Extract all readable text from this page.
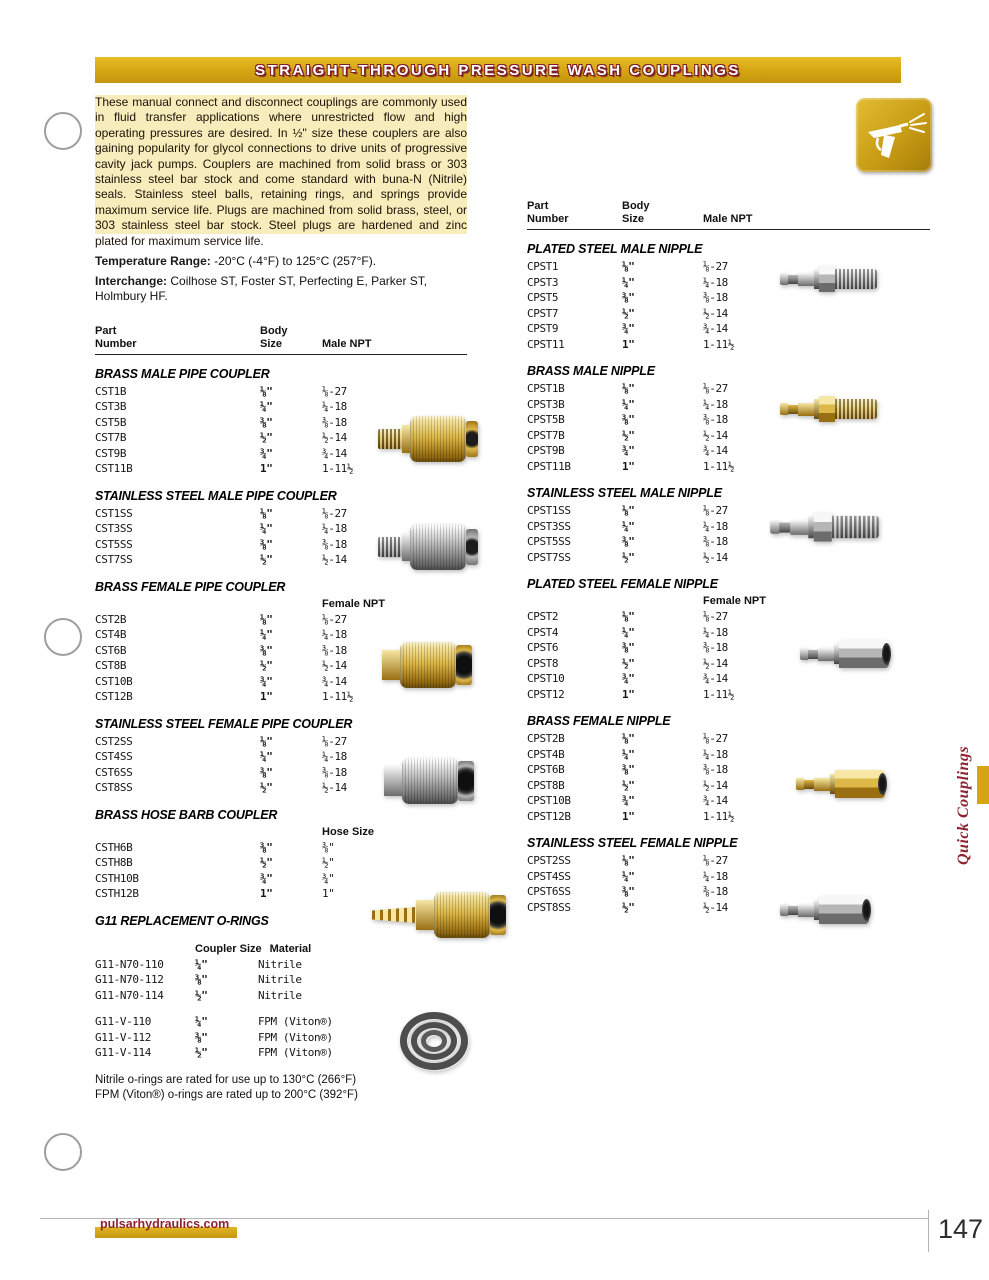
STRAIGHT-THROUGH PRESSURE WASH COUPLINGS

These manual connect and disconnect couplings are commonly used in fluid transfer applications where unrestricted flow and high operating pressures are desired. In ½" size these couplers are also gaining popularity for glycol connections to drive units of progressive cavity jack pumps. Couplers are machined from solid brass or 303 stainless steel bar stock and come standard with buna-N (Nitrile) seals. Stainless steel balls, retaining rings, and springs provide maximum service life. Plugs are machined from solid brass, steel, or 303 stainless steel bar stock. Steel plugs are hardened and zinc plated for maximum service life.

Temperature Range: -20°C (-4°F) to 125°C (257°F).

Interchange: Coilhose ST, Foster ST, Perfecting E, Parker ST, Holmbury HF.

Part
Number
Body
Size	Male NPT
BRASS MALE PIPE COUPLER
CST1B	⅛"	⅛-27
CST3B	¼"	¼-18
CST5B	⅜"	⅜-18
CST7B	½"	½-14
CST9B	¾"	¾-14
CST11B	1"	1-11½
STAINLESS STEEL MALE PIPE COUPLER
CST1SS	⅛"	⅛-27
CST3SS	¼"	¼-18
CST5SS	⅜"	⅜-18
CST7SS	½"	½-14
BRASS FEMALE PIPE COUPLER
Female NPT
CST2B	⅛"	⅛-27
CST4B	¼"	¼-18
CST6B	⅜"	⅜-18
CST8B	½"	½-14
CST10B	¾"	¾-14
CST12B	1"	1-11½
STAINLESS STEEL FEMALE PIPE COUPLER
CST2SS	⅛"	⅛-27
CST4SS	¼"	¼-18
CST6SS	⅜"	⅜-18
CST8SS	½"	½-14
BRASS HOSE BARB COUPLER
Hose Size
CSTH6B	⅜"	⅜"
CSTH8B	½"	½"
CSTH10B	¾"	¾"
CSTH12B	1"	1"
G11 REPLACEMENT O-RINGS
Coupler Size Material
G11-N70-110	¼"	Nitrile
G11-N70-112	⅜"	Nitrile
G11-N70-114	½"	Nitrile
G11-V-110	¼"	FPM (Viton®)
G11-V-112	⅜"	FPM (Viton®)
G11-V-114	½"	FPM (Viton®)
Nitrile o-rings are rated for use up to 130°C (266°F)
FPM (Viton®) o-rings are rated up to 200°C (392°F)
Part
Number
Body
Size	Male NPT
PLATED STEEL MALE NIPPLE
CPST1	⅛"	⅛-27
CPST3	¼"	¼-18
CPST5	⅜"	⅜-18
CPST7	½"	½-14
CPST9	¾"	¾-14
CPST11	1"	1-11½
BRASS MALE NIPPLE
CPST1B	⅛"	⅛-27
CPST3B	¼"	¼-18
CPST5B	⅜"	⅜-18
CPST7B	½"	½-14
CPST9B	¾"	¾-14
CPST11B	1"	1-11½
STAINLESS STEEL MALE NIPPLE
CPST1SS	⅛"	⅛-27
CPST3SS	¼"	¼-18
CPST5SS	⅜"	⅜-18
CPST7SS	½"	½-14
PLATED STEEL FEMALE NIPPLE
Female NPT
CPST2	⅛"	⅛-27
CPST4	¼"	¼-18
CPST6	⅜"	⅜-18
CPST8	½"	½-14
CPST10	¾"	¾-14
CPST12	1"	1-11½
BRASS FEMALE NIPPLE
CPST2B	⅛"	⅛-27
CPST4B	¼"	¼-18
CPST6B	⅜"	⅜-18
CPST8B	½"	½-14
CPST10B	¾"	¾-14
CPST12B	1"	1-11½
STAINLESS STEEL FEMALE NIPPLE
CPST2SS	⅛"	⅛-27
CPST4SS	¼"	¼-18
CPST6SS	⅜"	⅜-18
CPST8SS	½"	½-14
Quick Couplings
pulsarhydraulics.com	147
